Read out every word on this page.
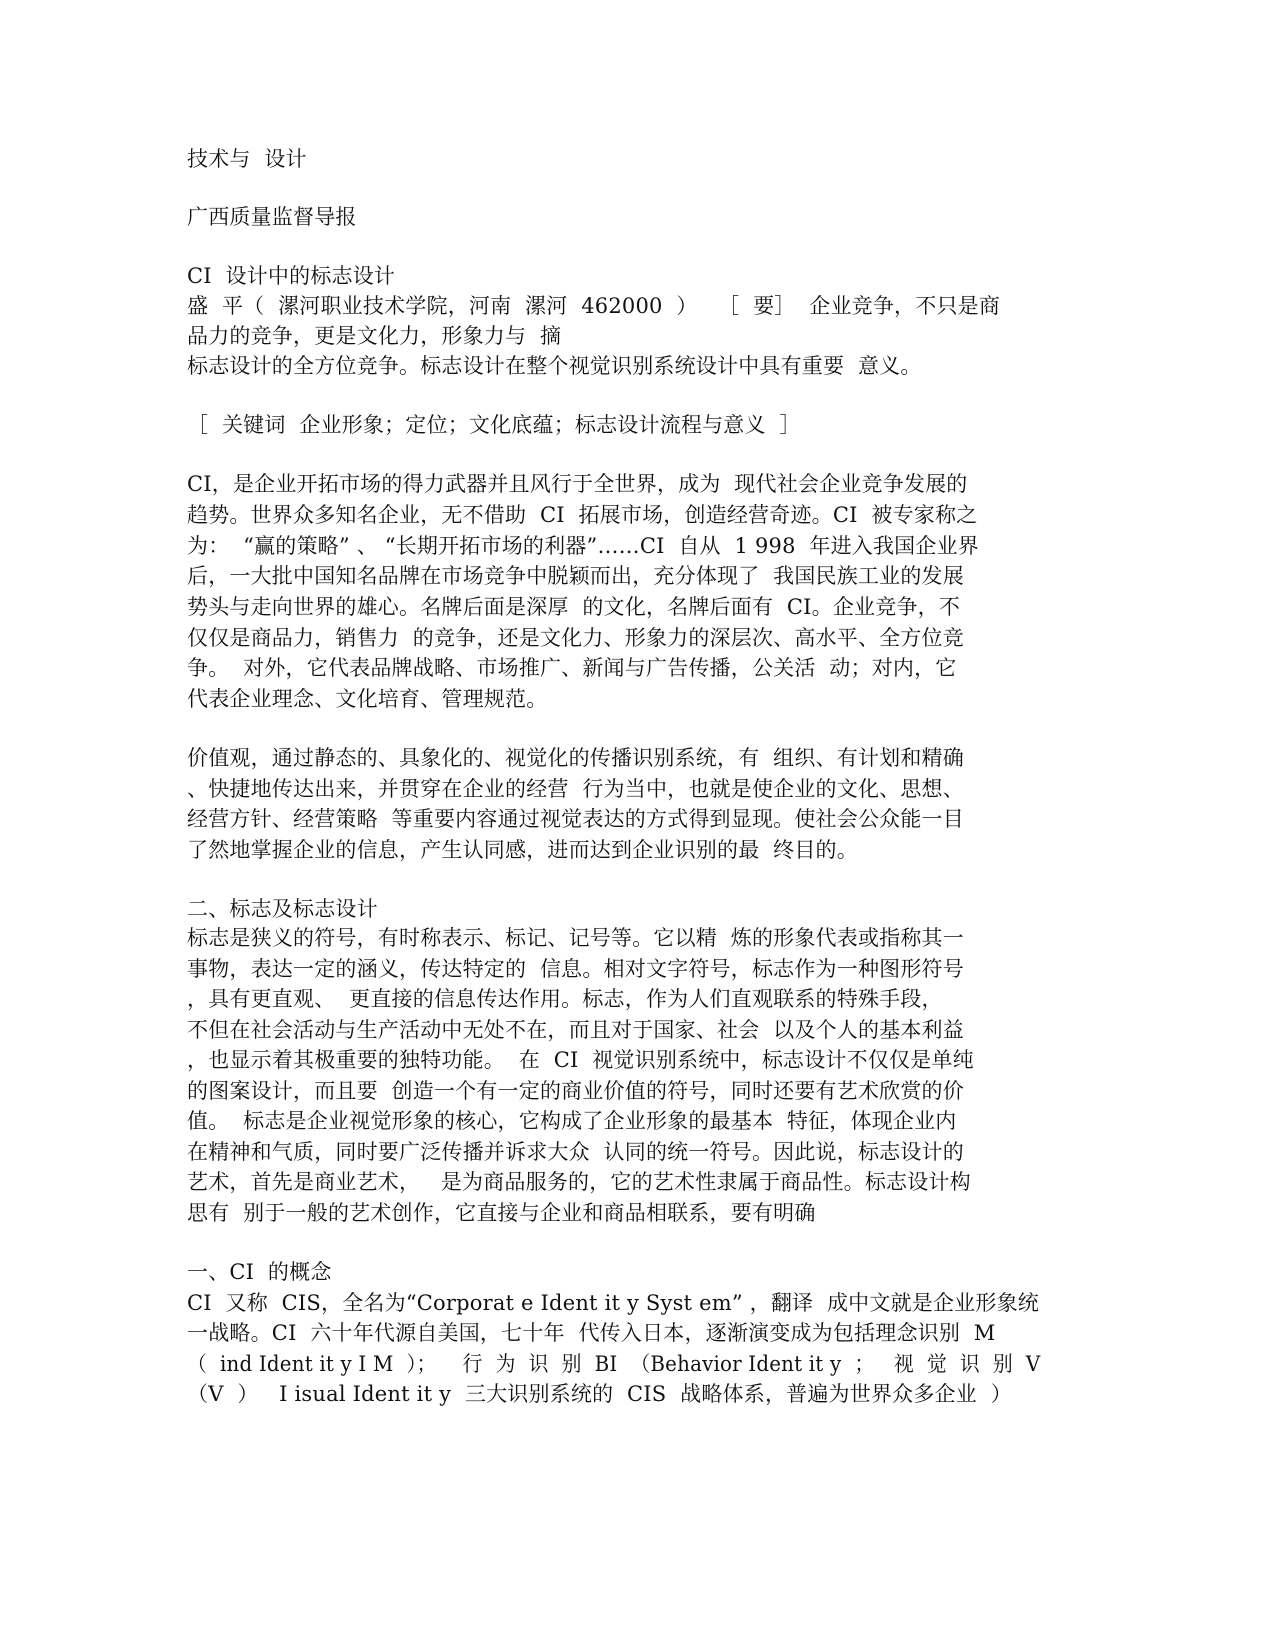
技术与  设计
广西质量监督导报
CI  设计中的标志设计
盛  平（  漯河职业技术学院，河南  漯河  462000  ）   ［  要］  企业竞争，不只是商
品力的竞争，更是文化力，形象力与  摘
标志设计的全方位竞争。标志设计在整个视觉识别系统设计中具有重要  意义。
［  关键词  企业形象；定位；文化底蕴；标志设计流程与意义  ］
CI，是企业开拓市场的得力武器并且风行于全世界，成为  现代社会企业竞争发展的
趋势。世界众多知名企业，无不借助  CI  拓展市场，创造经营奇迹。CI  被专家称之
为：  “赢的策略” 、 “长期开拓市场的利器”……CI  自从  1 998  年进入我国企业界
后，一大批中国知名品牌在市场竞争中脱颖而出，充分体现了  我国民族工业的发展
势头与走向世界的雄心。名牌后面是深厚  的文化，名牌后面有  CI。企业竞争，不
仅仅是商品力，销售力  的竞争，还是文化力、形象力的深层次、高水平、全方位竞
争。  对外，它代表品牌战略、市场推广、新闻与广告传播，公关活  动；对内，它
代表企业理念、文化培育、管理规范。
价值观，通过静态的、具象化的、视觉化的传播识别系统，有  组织、有计划和精确
、快捷地传达出来，并贯穿在企业的经营  行为当中，也就是使企业的文化、思想、
经营方针、经营策略  等重要内容通过视觉表达的方式得到显现。使社会公众能一目
了然地掌握企业的信息，产生认同感，进而达到企业识别的最  终目的。
二、标志及标志设计
标志是狭义的符号，有时称表示、标记、记号等。它以精  炼的形象代表或指称其一
事物，表达一定的涵义，传达特定的  信息。相对文字符号，标志作为一种图形符号
，具有更直观、  更直接的信息传达作用。标志，作为人们直观联系的特殊手段，
不但在社会活动与生产活动中无处不在，而且对于国家、社会  以及个人的基本利益
，也显示着其极重要的独特功能。  在  CI  视觉识别系统中，标志设计不仅仅是单纯
的图案设计，而且要  创造一个有一定的商业价值的符号，同时还要有艺术欣赏的价
值。  标志是企业视觉形象的核心，它构成了企业形象的最基本  特征，体现企业内
在精神和气质，同时要广泛传播并诉求大众  认同的统一符号。因此说，标志设计的
艺术，首先是商业艺术，   是为商品服务的，它的艺术性隶属于商品性。标志设计构
思有  别于一般的艺术创作，它直接与企业和商品相联系，要有明确
一、CI  的概念
CI  又称  CIS，全名为“Corporat e Ident it y Syst em” ，翻译  成中文就是企业形象统
一战略。CI  六十年代源自美国，七十年  代传入日本，逐渐演变成为包括理念识别  M
（  ind Ident it y I M  ）；    行  为  识  别  BI  （Behavior Ident it y  ；   视  觉  识  别  V
（V  ）   I isual Ident it y  三大识别系统的  CIS  战略体系，普遍为世界众多企业  ）
